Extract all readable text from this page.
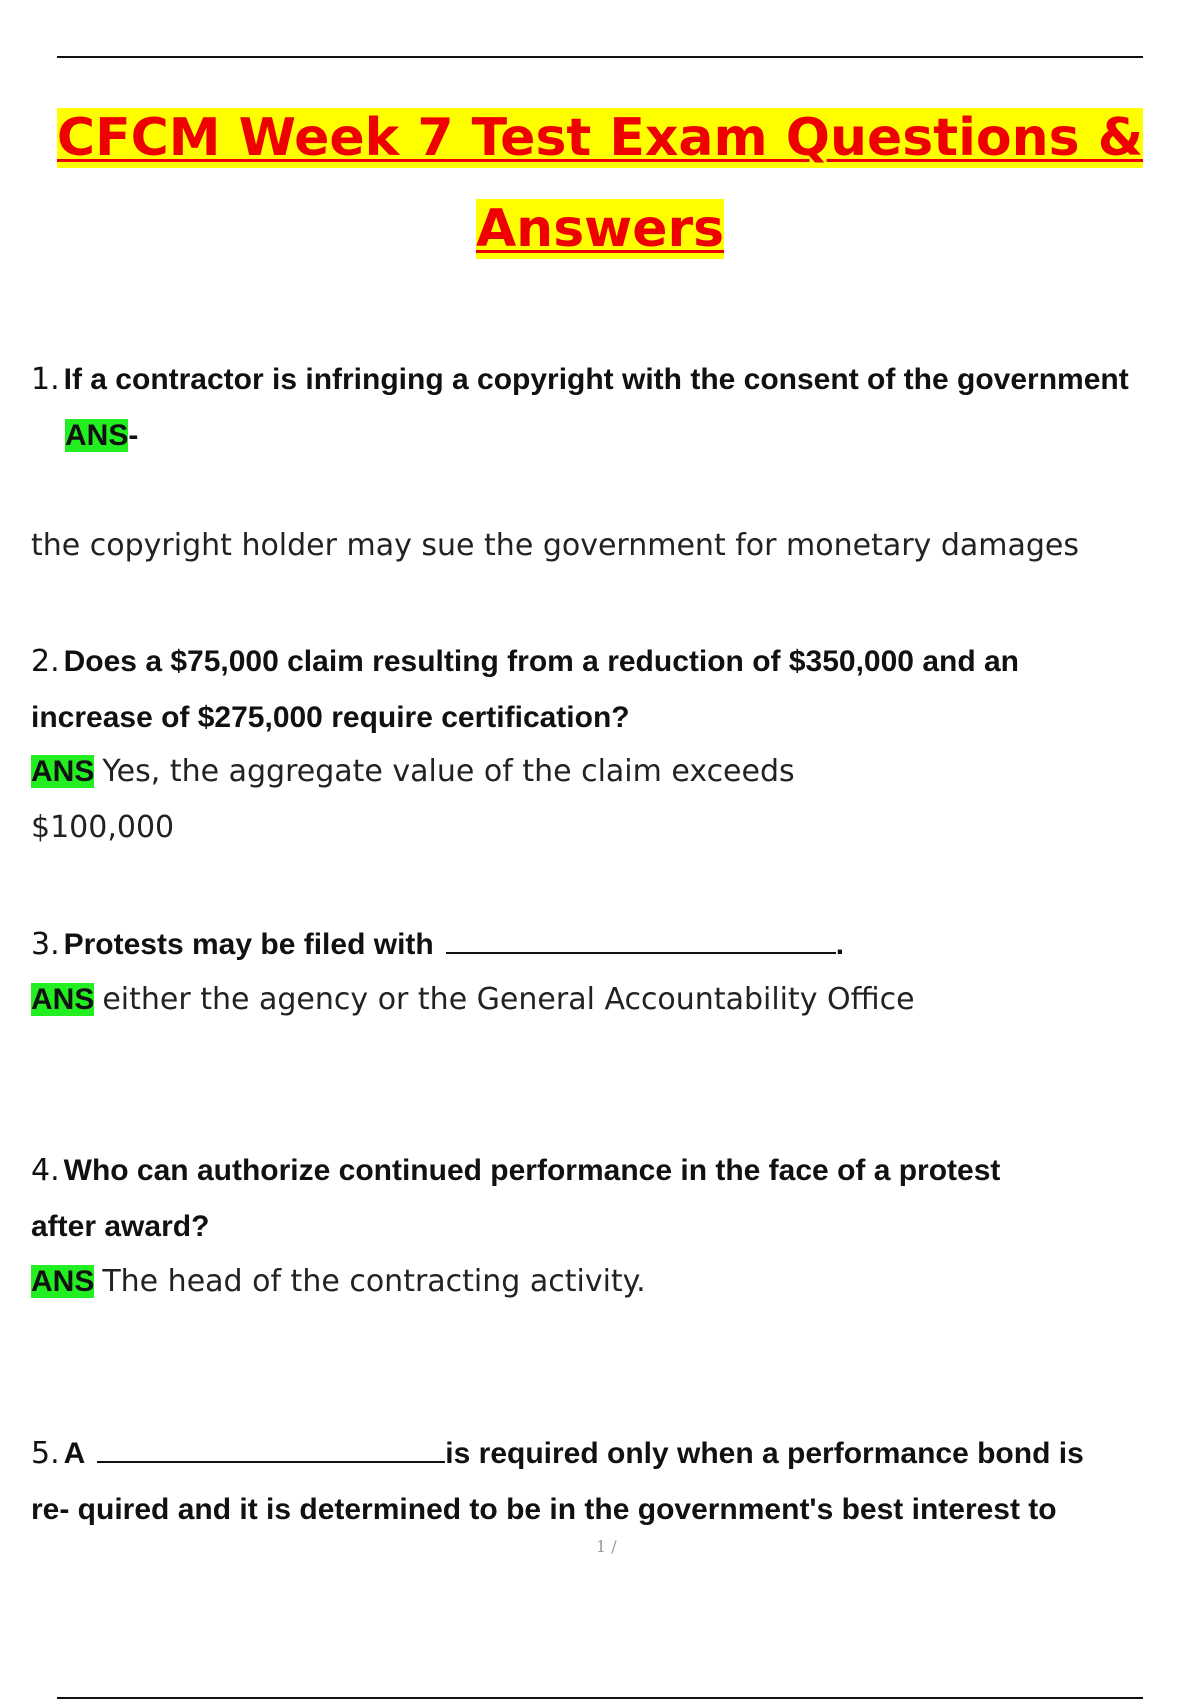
CFCM Week 7 Test Exam Questions &
Answers
1. If a contractor is infringing a copyright with the consent of the government
ANS-
the copyright holder may sue the government for monetary damages
2. Does a $75,000 claim resulting from a reduction of $350,000 and an
increase of $275,000 require certification?
ANS Yes, the aggregate value of the claim exceeds
$100,000
3. Protests may be filed with	.
ANS either the agency or the General Accountability Office
4. Who can authorize continued performance in the face of a protest
after award?
ANS The head of the contracting activity.
5. A	is required only when a performance bond is
re- quired and it is determined to be in the government's best interest to
1 /
